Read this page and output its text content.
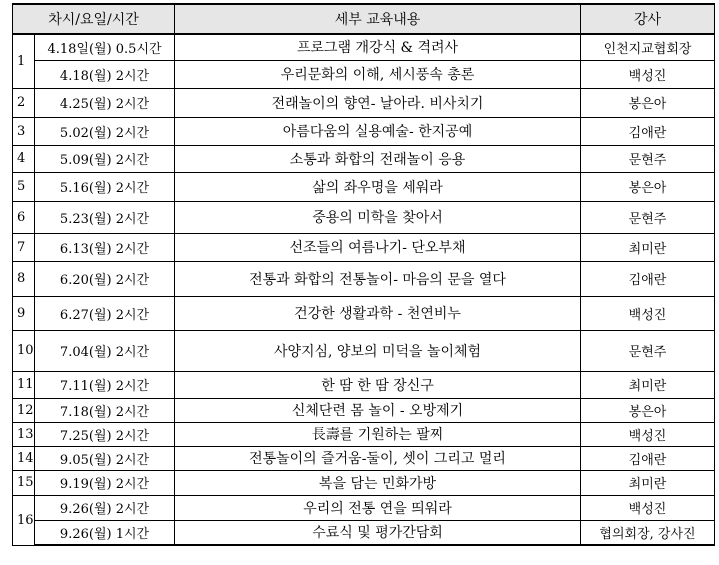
차시/요일/시간		세부 교육내용	강사
1	4.18일(월) 0.5시간	프로그램 개강식 & 격려사	인천지교협회장
	4.18(월) 2시간	우리문화의 이해, 세시풍속 총론	백성진
2	4.25(월) 2시간	전래놀이의 향연- 날아라. 비사치기	봉은아
3	5.02(월) 2시간	아름다움의 실용예술- 한지공예	김애란
4	5.09(월) 2시간	소통과 화합의 전래놀이 응용	문현주
5	5.16(월) 2시간	삶의 좌우명을 세워라	봉은아
6	5.23(월) 2시간	중용의 미학을 찾아서	문현주
7	6.13(월) 2시간	선조들의 여름나기- 단오부채	최미란
8	6.20(월) 2시간	전통과 화합의 전통놀이- 마음의 문을 열다	김애란
9	6.27(월) 2시간	건강한 생활과학 - 천연비누	백성진
10	7.04(월) 2시간	사양지심, 양보의 미덕을 놀이체험	문현주
11	7.11(월) 2시간	한 땀 한 땀 장신구	최미란
12	7.18(월) 2시간	신체단련 몸 놀이 - 오방제기	봉은아
13	7.25(월) 2시간	長壽를 기원하는 팔찌	백성진
14	9.05(월) 2시간	전통놀이의 즐거움-둘이, 셋이 그리고 멀리	김애란
15	9.19(월) 2시간	복을 담는 민화가방	최미란
16	9.26(월) 2시간	우리의 전통 연을 띄워라	백성진
	9.26(월) 1시간	수료식 및 평가간담회	협의회장, 강사진
